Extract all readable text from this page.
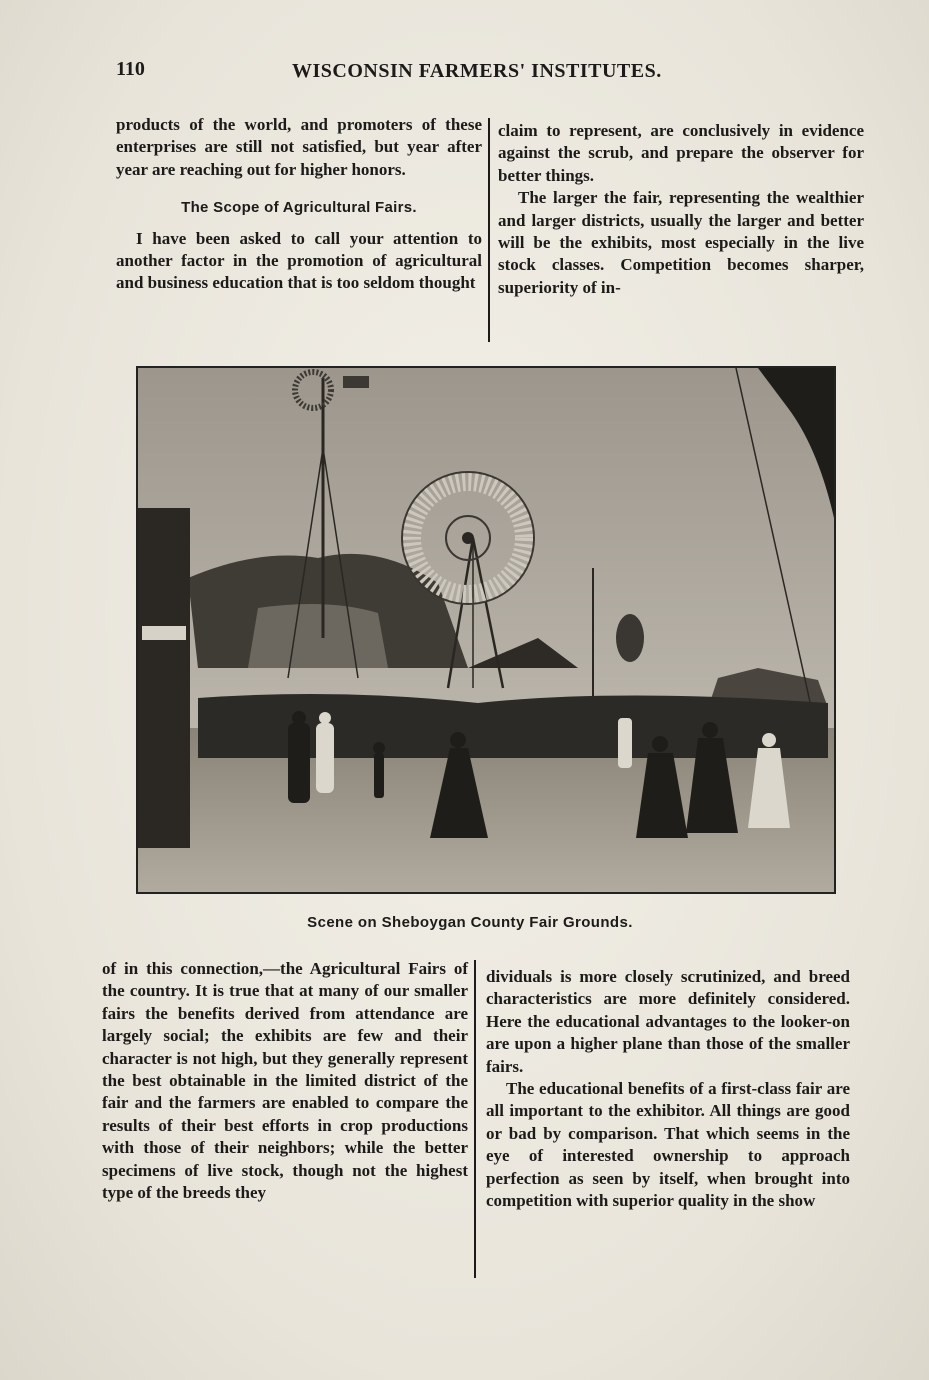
110	WISCONSIN FARMERS' INSTITUTES.

products of the world, and promoters of these enterprises are still not satisfied, but year after year are reaching out for higher honors.

The Scope of Agricultural Fairs.

I have been asked to call your attention to another factor in the promotion of agricultural and business education that is too seldom thought

claim to represent, are conclusively in evidence against the scrub, and prepare the observer for better things.

The larger the fair, representing the wealthier and larger districts, usually the larger and better will be the exhibits, most especially in the live stock classes. Competition becomes sharper, superiority of in-

Scene on Sheboygan County Fair Grounds.

of in this connection,—the Agricultural Fairs of the country. It is true that at many of our smaller fairs the benefits derived from attendance are largely social; the exhibits are few and their character is not high, but they generally represent the best obtainable in the limited district of the fair and the farmers are enabled to compare the results of their best efforts in crop productions with those of their neighbors; while the better specimens of live stock, though not the highest type of the breeds they

dividuals is more closely scrutinized, and breed characteristics are more definitely considered. Here the educational advantages to the looker-on are upon a higher plane than those of the smaller fairs.

The educational benefits of a first-class fair are all important to the exhibitor. All things are good or bad by comparison. That which seems in the eye of interested ownership to approach perfection as seen by itself, when brought into competition with superior quality in the show
